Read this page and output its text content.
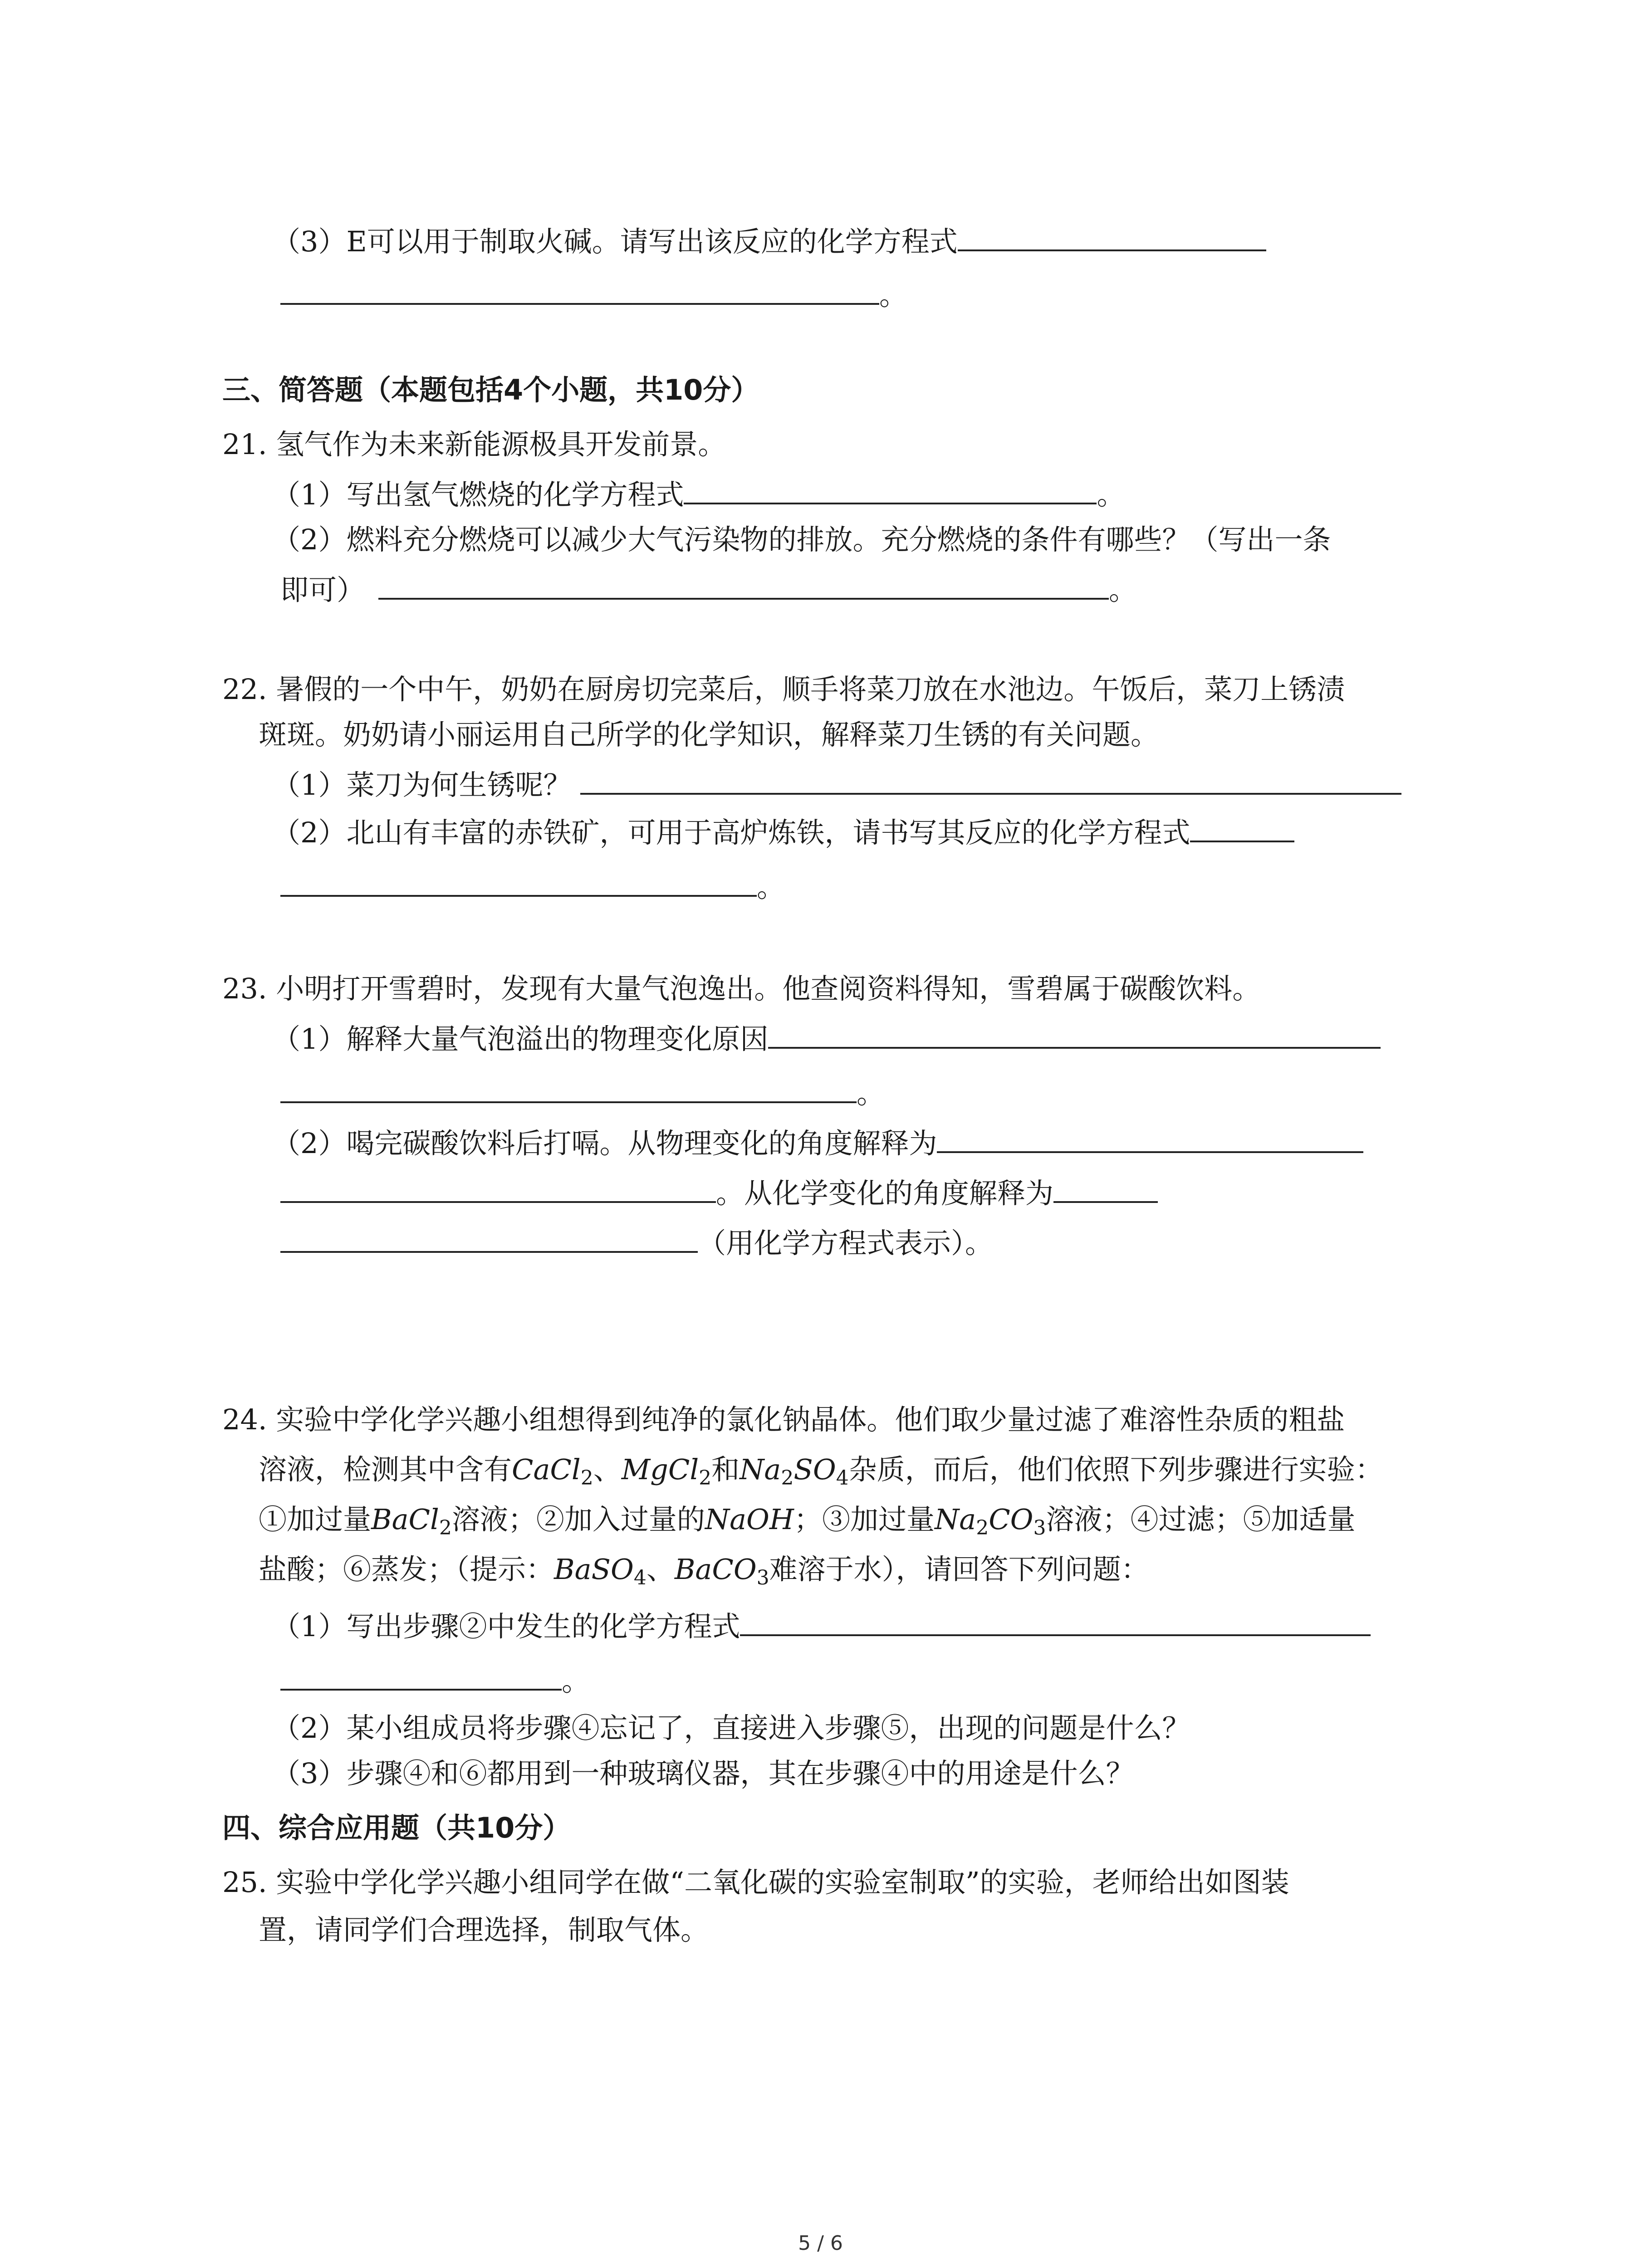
（3）E可以用于制取火碱。请写出该反应的化学方程式
。
三、简答题（本题包括4个小题，共10分）
21. 氢气作为未来新能源极具开发前景。
（1）写出氢气燃烧的化学方程式	。
（2）燃料充分燃烧可以减少大气污染物的排放。充分燃烧的条件有哪些？（写出一条
即可）	。
22. 暑假的一个中午，奶奶在厨房切完菜后，顺手将菜刀放在水池边。午饭后，菜刀上锈渍
斑斑。奶奶请小丽运用自己所学的化学知识，解释菜刀生锈的有关问题。
（1）菜刀为何生锈呢？
（2）北山有丰富的赤铁矿，可用于高炉炼铁，请书写其反应的化学方程式
。
23. 小明打开雪碧时，发现有大量气泡逸出。他查阅资料得知，雪碧属于碳酸饮料。
（1）解释大量气泡溢出的物理变化原因
。
（2）喝完碳酸饮料后打嗝。从物理变化的角度解释为
。从化学变化的角度解释为
（用化学方程式表示）。
24. 实验中学化学兴趣小组想得到纯净的氯化钠晶体。他们取少量过滤了难溶性杂质的粗盐
溶液，检测其中含有CaCl$_2$、MgCl$_2$和$Na_2SO_4$杂质，而后，他们依照下列步骤进行实验：
①加过量BaCl$_2$溶液；②加入过量的NaOH；③加过量$Na_2CO_3$溶液；④过滤；⑤加适量
盐酸；⑥蒸发；（提示：BaSO$_4$、BaCO$_3$难溶于水），请回答下列问题：
（1）写出步骤②中发生的化学方程式
。
（2）某小组成员将步骤④忘记了，直接进入步骤⑤，出现的问题是什么？
（3）步骤④和⑥都用到一种玻璃仪器，其在步骤④中的用途是什么？
四、综合应用题（共10分）
25. 实验中学化学兴趣小组同学在做“二氧化碳的实验室制取”的实验，老师给出如图装
置，请同学们合理选择，制取气体。
5 / 6
